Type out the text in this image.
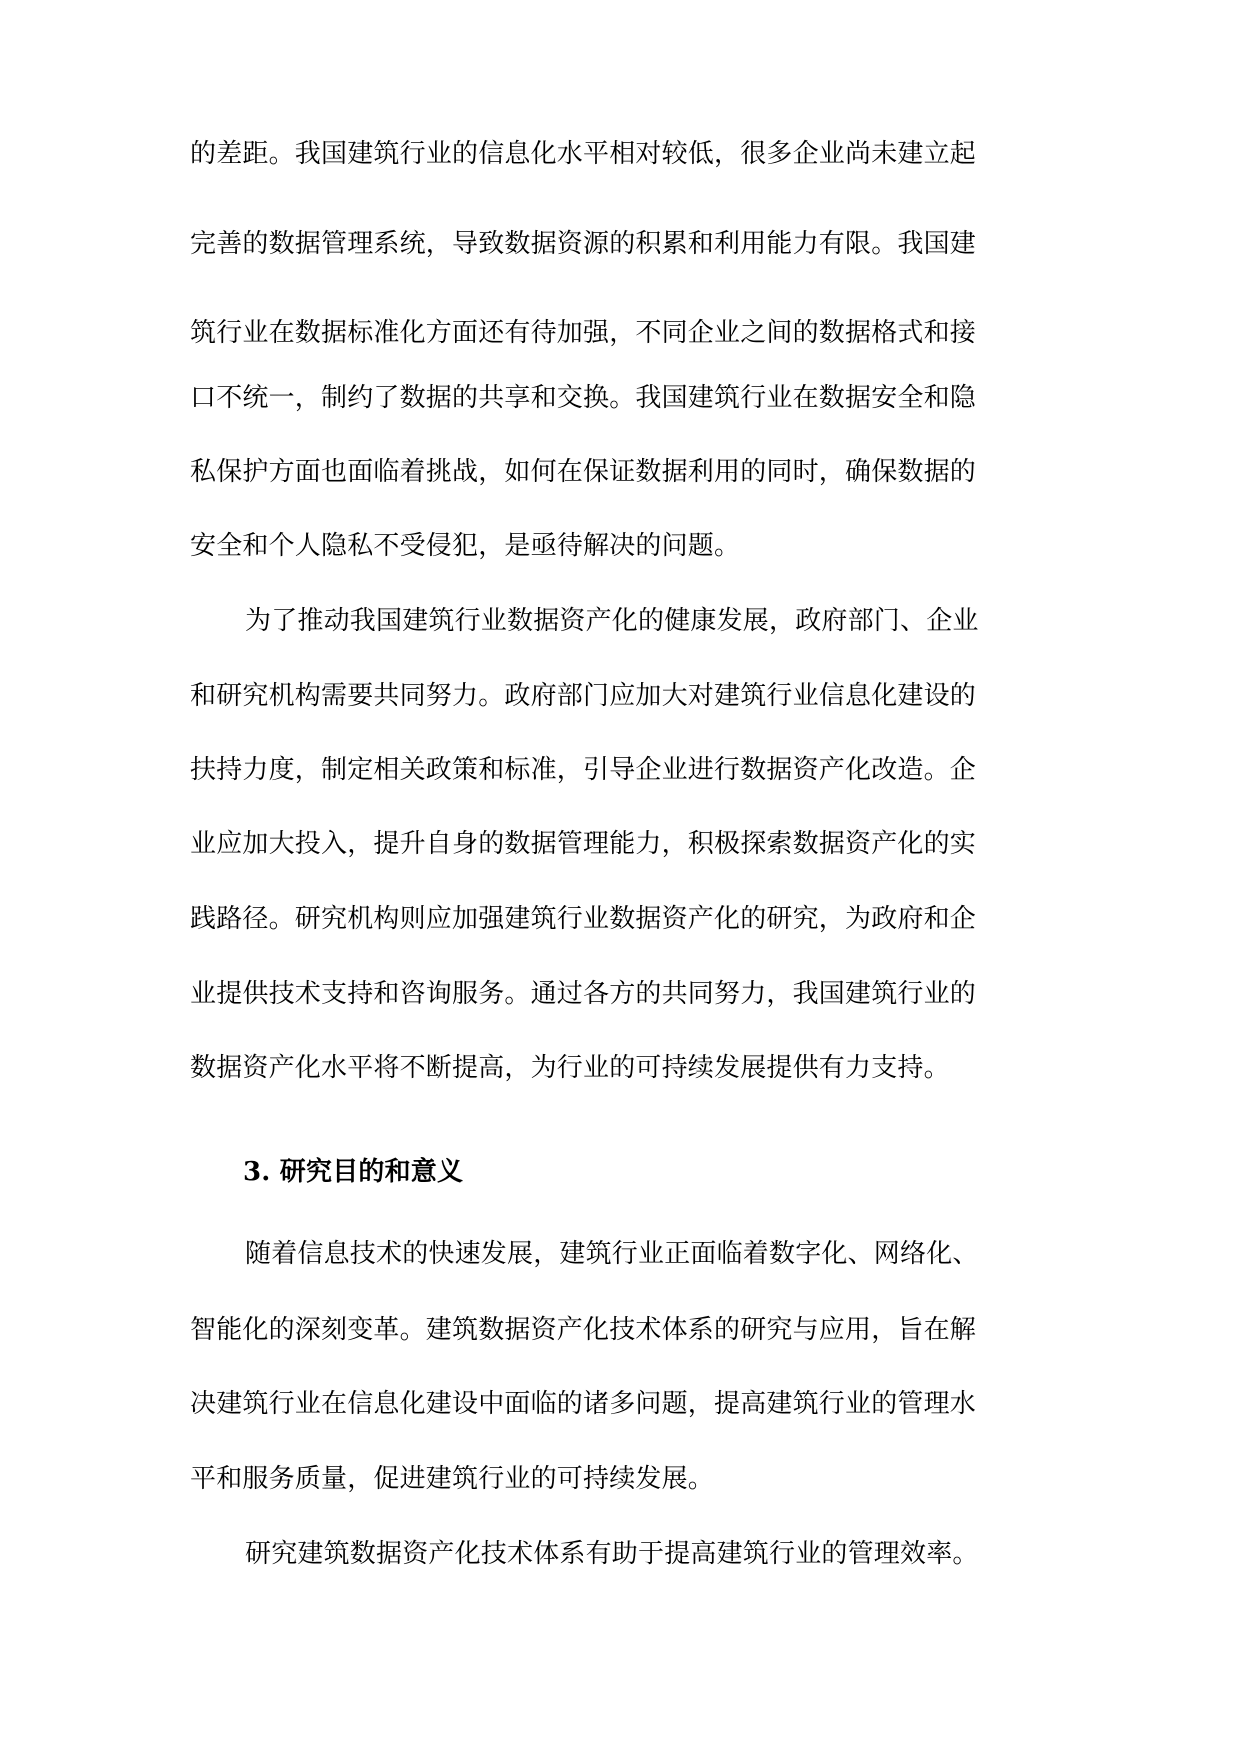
的差距。我国建筑行业的信息化水平相对较低，很多企业尚未建立起

完善的数据管理系统，导致数据资源的积累和利用能力有限。我国建

筑行业在数据标准化方面还有待加强，不同企业之间的数据格式和接

口不统一，制约了数据的共享和交换。我国建筑行业在数据安全和隐

私保护方面也面临着挑战，如何在保证数据利用的同时，确保数据的

安全和个人隐私不受侵犯，是亟待解决的问题。

为了推动我国建筑行业数据资产化的健康发展，政府部门、企业

和研究机构需要共同努力。政府部门应加大对建筑行业信息化建设的

扶持力度，制定相关政策和标准，引导企业进行数据资产化改造。企

业应加大投入，提升自身的数据管理能力，积极探索数据资产化的实

践路径。研究机构则应加强建筑行业数据资产化的研究，为政府和企

业提供技术支持和咨询服务。通过各方的共同努力，我国建筑行业的

数据资产化水平将不断提高，为行业的可持续发展提供有力支持。

3. 研究目的和意义

随着信息技术的快速发展，建筑行业正面临着数字化、网络化、

智能化的深刻变革。建筑数据资产化技术体系的研究与应用，旨在解

决建筑行业在信息化建设中面临的诸多问题，提高建筑行业的管理水

平和服务质量，促进建筑行业的可持续发展。

研究建筑数据资产化技术体系有助于提高建筑行业的管理效率。
